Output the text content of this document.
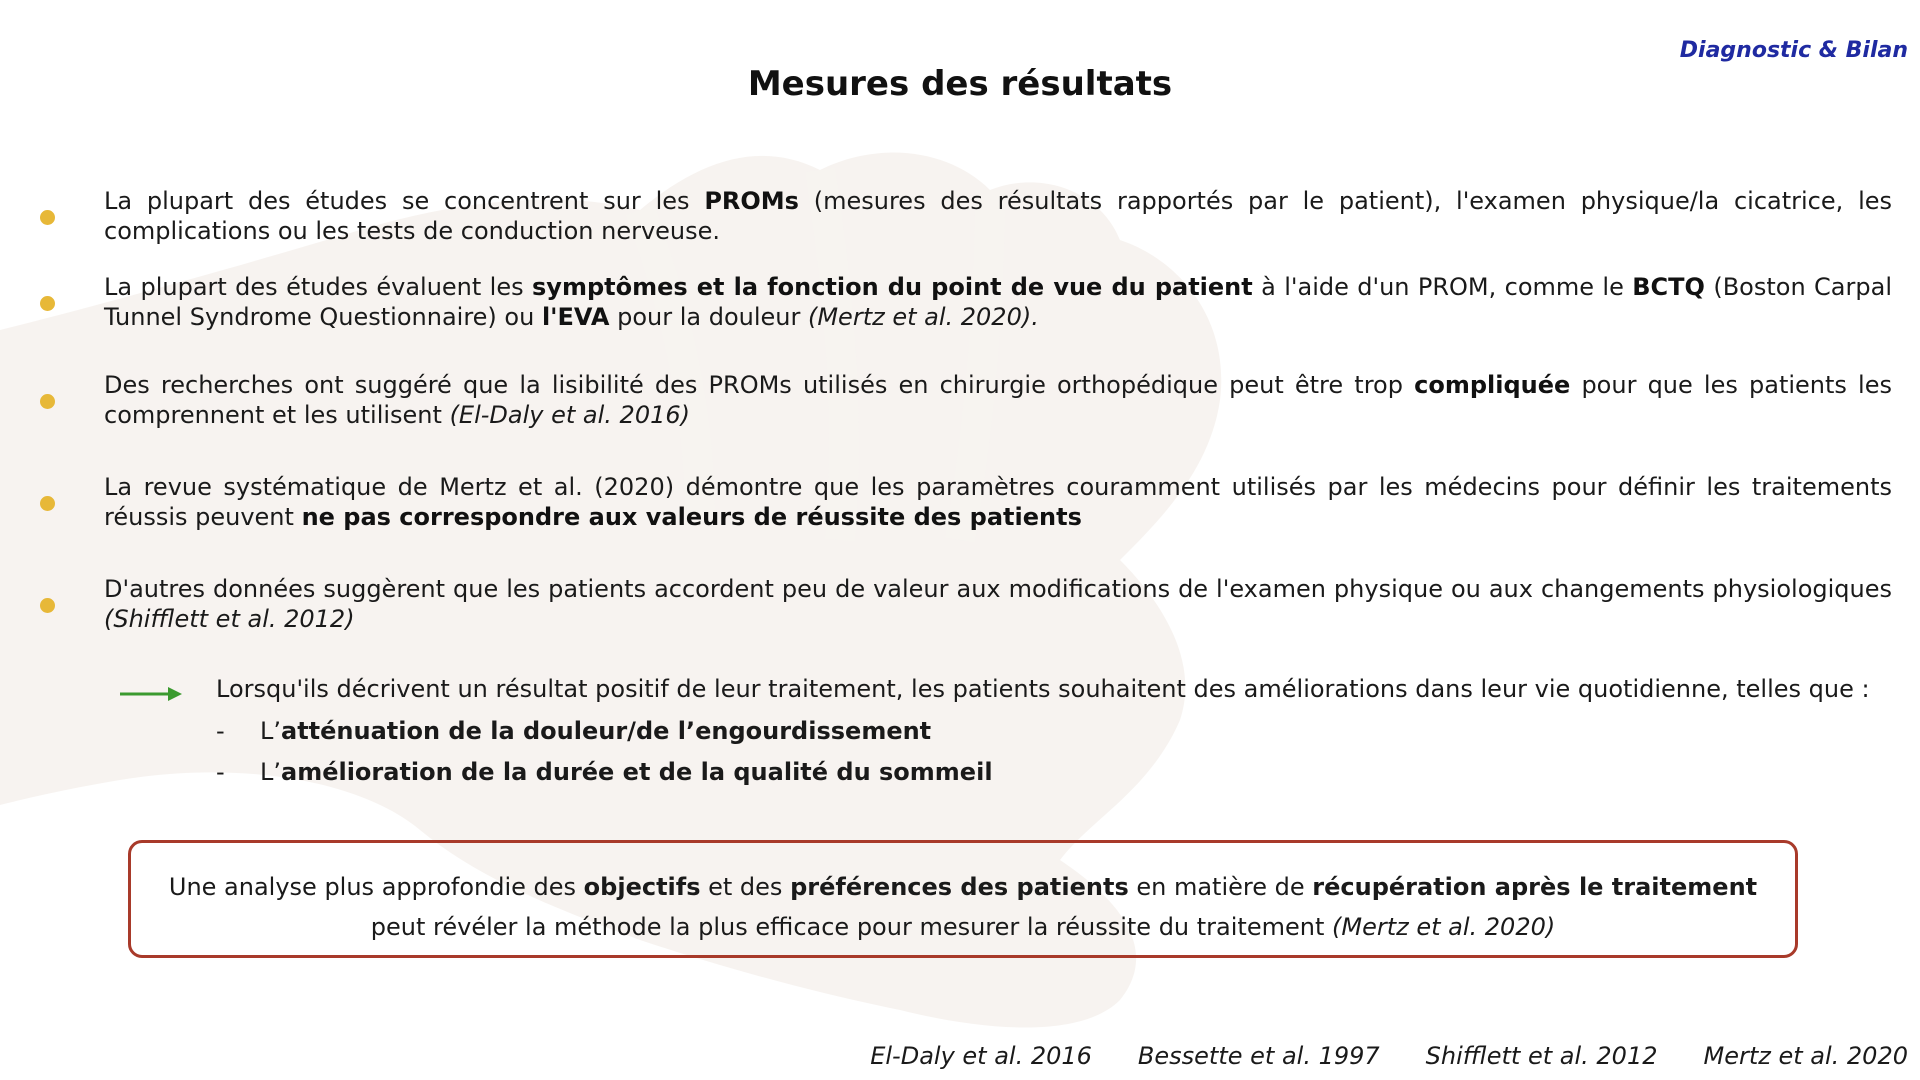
Diagnostic & Bilan
Mesures des résultats
La plupart des études se concentrent sur les PROMs (mesures des résultats rapportés par le patient), l'examen physique/la cicatrice, les complications ou les tests de conduction nerveuse.
La plupart des études évaluent les symptômes et la fonction du point de vue du patient à l'aide d'un PROM, comme le BCTQ (Boston Carpal Tunnel Syndrome Questionnaire) ou l'EVA pour la douleur (Mertz et al. 2020).
Des recherches ont suggéré que la lisibilité des PROMs utilisés en chirurgie orthopédique peut être trop compliquée pour que les patients les comprennent et les utilisent (El-Daly et al. 2016)
La revue systématique de Mertz et al. (2020) démontre que les paramètres couramment utilisés par les médecins pour définir les traitements réussis peuvent ne pas correspondre aux valeurs de réussite des patients
D'autres données suggèrent que les patients accordent peu de valeur aux modifications de l'examen physique ou aux changements physiologiques (Shifflett et al. 2012)
Lorsqu'ils décrivent un résultat positif de leur traitement, les patients souhaitent des améliorations dans leur vie quotidienne, telles que :
- L’atténuation de la douleur/de l’engourdissement
- L’amélioration de la durée et de la qualité du sommeil
Une analyse plus approfondie des objectifs et des préférences des patients en matière de récupération après le traitement peut révéler la méthode la plus efficace pour mesurer la réussite du traitement (Mertz et al. 2020)
El-Daly et al. 2016 Bessette et al. 1997 Shifflett et al. 2012 Mertz et al. 2020
